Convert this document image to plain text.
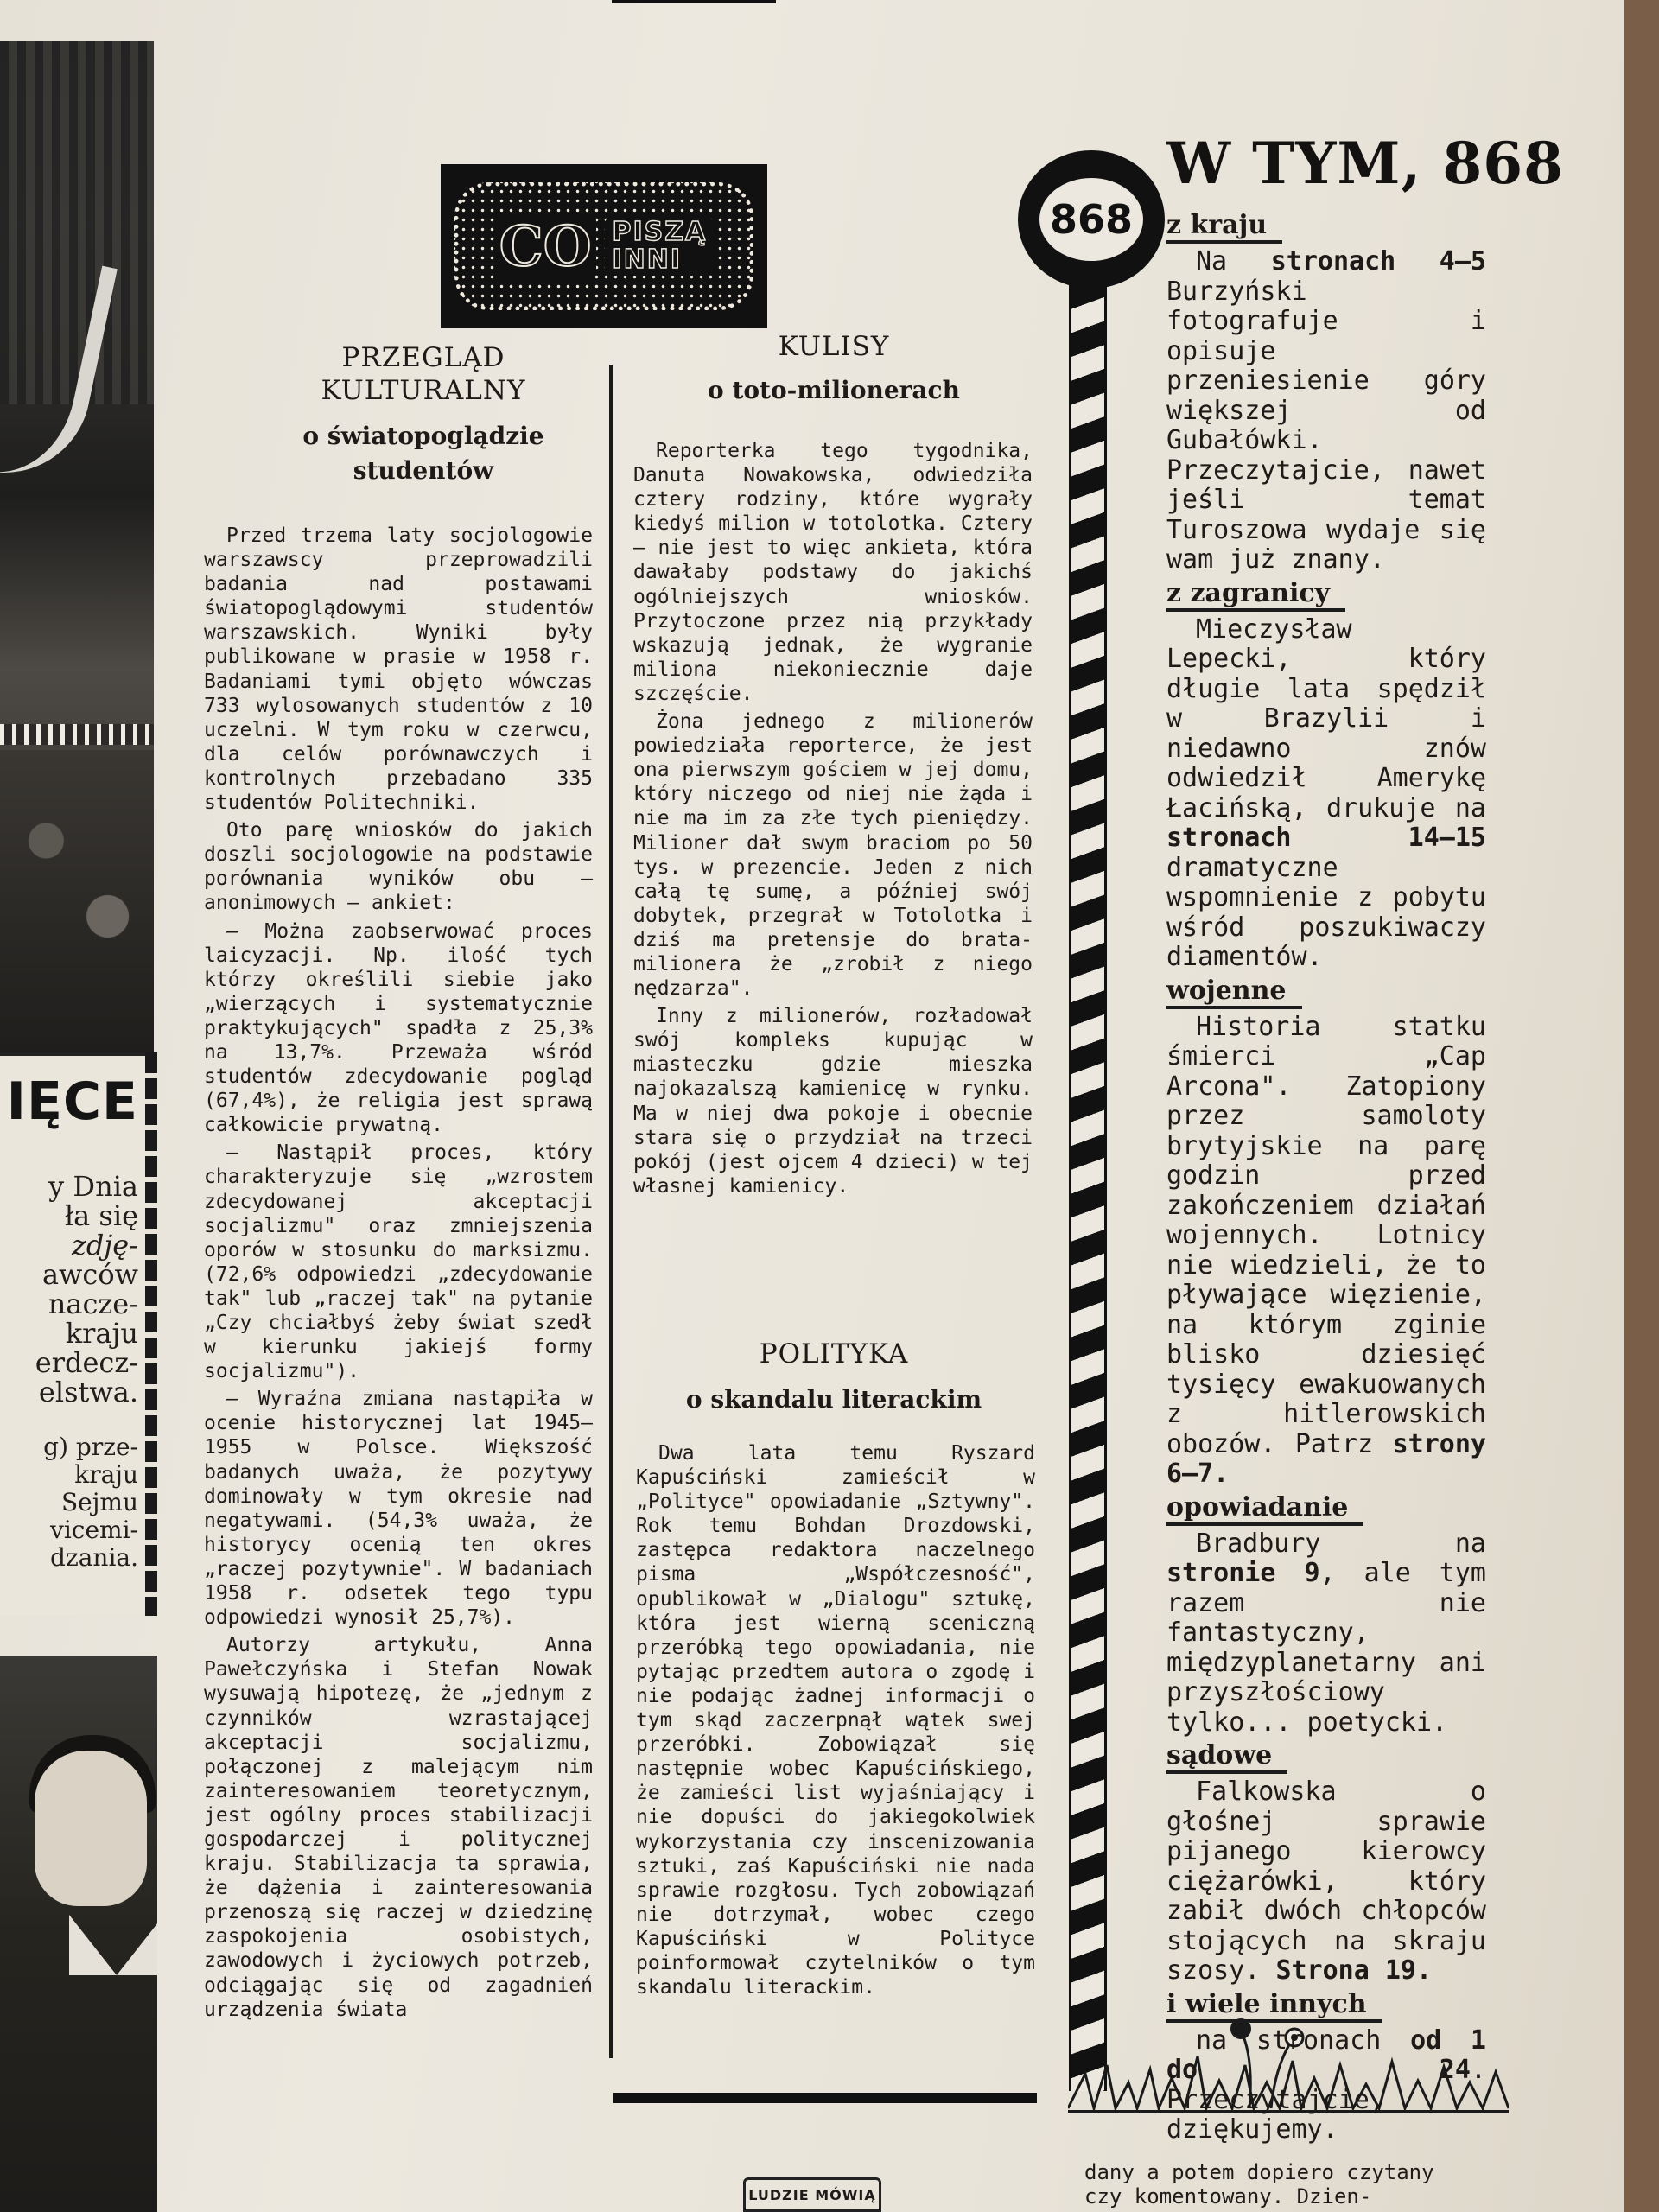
IĘCE
y Dnia
ła się
zdję-
awców
nacze-
kraju
erdecz-
elstwa.
g) prze-
kraju
Sejmu
vicemi-
dzania.
CO PISZĄ
INNI
PRZEGLĄD
KULTURALNY
o światopoglądzie
studentów

Przed trzema laty socjologowie warszawscy przeprowadzili badania nad postawami światopoglądowymi studentów warszawskich. Wyniki były publikowane w prasie w 1958 r. Badaniami tymi objęto wówczas 733 wylosowanych studentów z 10 uczelni. W tym roku w czerwcu, dla celów porównawczych i kontrolnych przebadano 335 studentów Politechniki.

Oto parę wniosków do jakich doszli socjologowie na podstawie porównania wyników obu — anonimowych — ankiet:

— Można zaobserwować proces laicyzacji. Np. ilość tych którzy określili siebie jako „wierzących i systematycznie praktykujących" spadła z 25,3% na 13,7%. Przeważa wśród studentów zdecydowanie pogląd (67,4%), że religia jest sprawą całkowicie prywatną.

— Nastąpił proces, który charakteryzuje się „wzrostem zdecydowanej akceptacji socjalizmu" oraz zmniejszenia oporów w stosunku do marksizmu. (72,6% odpowiedzi „zdecydowanie tak" lub „raczej tak" na pytanie „Czy chciałbyś żeby świat szedł w kierunku jakiejś formy socjalizmu").

— Wyraźna zmiana nastąpiła w ocenie historycznej lat 1945—1955 w Polsce. Większość badanych uważa, że pozytywy dominowały w tym okresie nad negatywami. (54,3% uważa, że historycy ocenią ten okres „raczej pozytywnie". W badaniach 1958 r. odsetek tego typu odpowiedzi wynosił 25,7%).

Autorzy artykułu, Anna Pawełczyńska i Stefan Nowak wysuwają hipotezę, że „jednym z czynników wzrastającej akceptacji socjalizmu, połączonej z malejącym nim zainteresowaniem teoretycznym, jest ogólny proces stabilizacji gospodarczej i politycznej kraju. Stabilizacja ta sprawia, że dążenia i zainteresowania przenoszą się raczej w dziedzinę zaspokojenia osobistych, zawodowych i życiowych potrzeb, odciągając się od zagadnień urządzenia świata

KULISY
o toto-milionerach

Reporterka tego tygodnika, Danuta Nowakowska, odwiedziła cztery rodziny, które wygrały kiedyś milion w totolotka. Cztery — nie jest to więc ankieta, która dawałaby podstawy do jakichś ogólniejszych wniosków. Przytoczone przez nią przykłady wskazują jednak, że wygranie miliona niekoniecznie daje szczęście.

Żona jednego z milionerów powiedziała reporterce, że jest ona pierwszym gościem w jej domu, który niczego od niej nie żąda i nie ma im za złe tych pieniędzy. Milioner dał swym braciom po 50 tys. w prezencie. Jeden z nich całą tę sumę, a później swój dobytek, przegrał w Totolotka i dziś ma pretensje do brata-milionera że „zrobił z niego nędzarza".

Inny z milionerów, rozładował swój kompleks kupując w miasteczku gdzie mieszka najokazalszą kamienicę w rynku. Ma w niej dwa pokoje i obecnie stara się o przydział na trzeci pokój (jest ojcem 4 dzieci) w tej własnej kamienicy.

POLITYKA
o skandalu literackim

Dwa lata temu Ryszard Kapuściński zamieścił w „Polityce" opowiadanie „Sztywny". Rok temu Bohdan Drozdowski, zastępca redaktora naczelnego pisma „Współczesność", opublikował w „Dialogu" sztukę, która jest wierną sceniczną przeróbką tego opowiadania, nie pytając przedtem autora o zgodę i nie podając żadnej informacji o tym skąd zaczerpnął wątek swej przeróbki. Zobowiązał się następnie wobec Kapuścińskiego, że zamieści list wyjaśniający i nie dopuści do jakiegokolwiek wykorzystania czy inscenizowania sztuki, zaś Kapuściński nie nada sprawie rozgłosu. Tych zobowiązań nie dotrzymał, wobec czego Kapuściński w Polityce poinformował czytelników o tym skandalu literackim.

LUDZIE MÓWIĄ
868
W TYM, 868
z kraju
Na stronach 4—5 Burzyński fotografuje i opisuje przeniesienie góry większej od Gubałówki. Przeczytajcie, nawet jeśli temat Turoszowa wydaje się wam już znany.
z zagranicy
Mieczysław Lepecki, który długie lata spędził w Brazylii i niedawno znów odwiedził Amerykę Łacińską, drukuje na stronach 14—15 dramatyczne wspomnienie z pobytu wśród poszukiwaczy diamentów.
wojenne
Historia statku śmierci „Cap Arcona". Zatopiony przez samoloty brytyjskie na parę godzin przed zakończeniem działań wojennych. Lotnicy nie wiedzieli, że to pływające więzienie, na którym zginie blisko dziesięć tysięcy ewakuowanych z hitlerowskich obozów. Patrz strony 6—7.
opowiadanie
Bradbury na stronie 9, ale tym razem nie fantastyczny, międzyplanetarny ani przyszłościowy tylko... poetycki.
sądowe
Falkowska o głośnej sprawie pijanego kierowcy ciężarówki, który zabił dwóch chłopców stojących na skraju szosy. Strona 19.
i wiele innych
na stronach od 1 do 24. Przeczytajcie, dziękujemy.
dany a potem dopiero czytany czy komentowany. Dzien-
